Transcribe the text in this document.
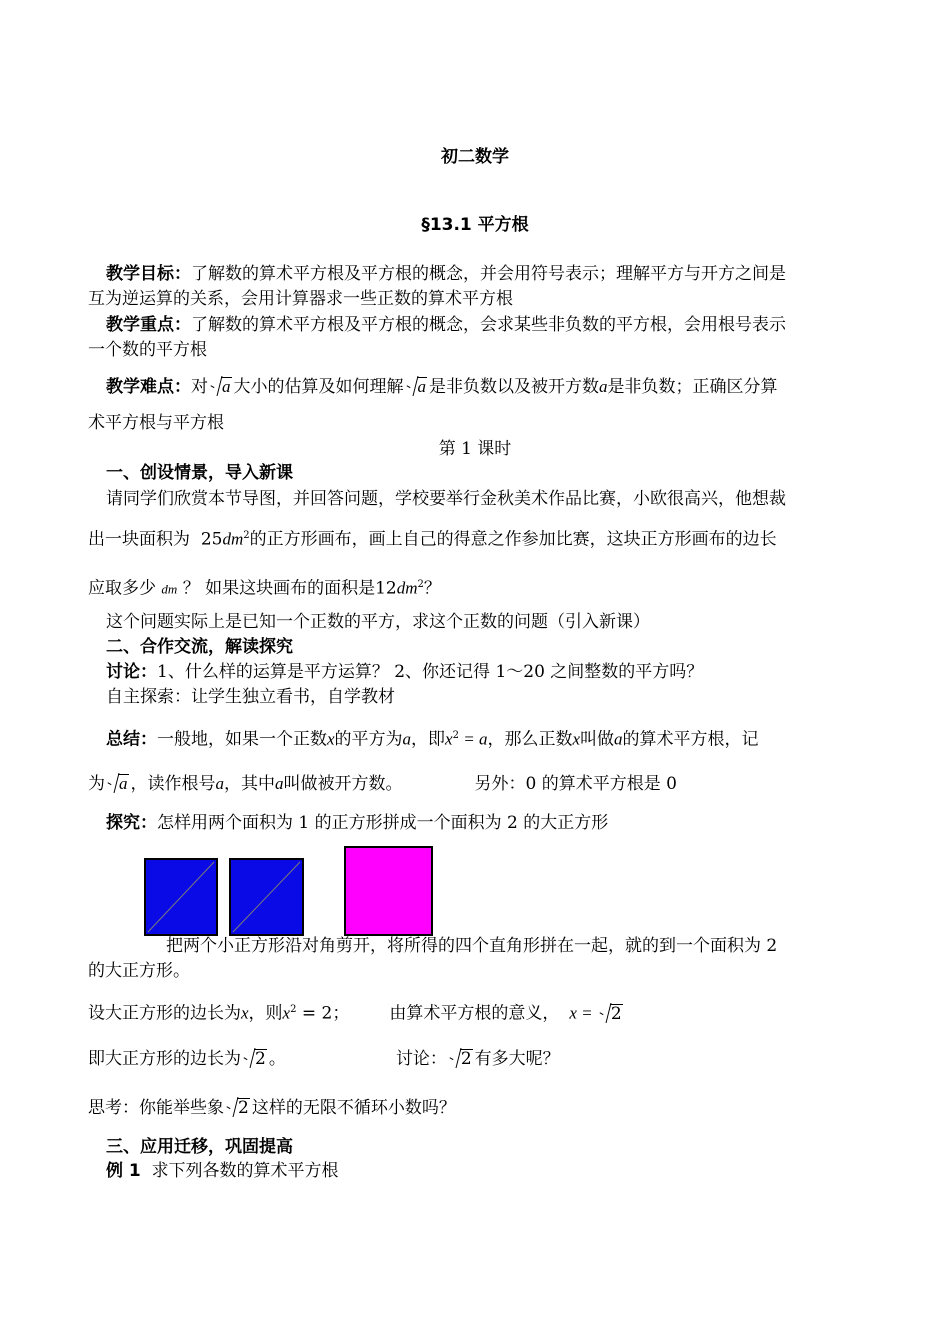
初二数学
§13.1 平方根
教学目标：了解数的算术平方根及平方根的概念，并会用符号表示；理解平方与开方之间是
互为逆运算的关系，会用计算器求一些正数的算术平方根
教学重点：了解数的算术平方根及平方根的概念，会求某些非负数的平方根，会用根号表示
一个数的平方根
教学难点：对 a 大小的估算及如何理解 a 是非负数以及被开方数a是非负数；正确区分算
术平方根与平方根
第 1 课时
一、创设情景，导入新课
请同学们欣赏本节导图，并回答问题，学校要举行金秋美术作品比赛，小欧很高兴，他想裁
出一块面积为 $25dm^2$的正方形画布，画上自己的得意之作参加比赛，这块正方形画布的边长
应取多少 dm ？ 如果这块画布的面积是$12dm^2$？
这个问题实际上是已知一个正数的平方，求这个正数的问题（引入新课）
二、合作交流，解读探究
讨论：1、什么样的运算是平方运算？ 2、你还记得 1～20 之间整数的平方吗？
自主探索：让学生独立看书，自学教材
总结：一般地，如果一个正数x的平方为a，即$x^2 = a$，那么正数x叫做a的算术平方根，记
为 a ，读作根号a，其中a叫做被开方数。	另外：0 的算术平方根是 0
探究：怎样用两个面积为 1 的正方形拼成一个面积为 2 的大正方形
把两个小正方形沿对角剪开，将所得的四个直角形拼在一起，就的到一个面积为 2
的大正方形。
设大正方形的边长为x，则$x^2 = 2$； 由算术平方根的意义， x = 2
即大正方形的边长为 2 。	讨论： 2 有多大呢？
思考：你能举些象 2 这样的无限不循环小数吗？
三、应用迁移，巩固提高
例 1 求下列各数的算术平方根
